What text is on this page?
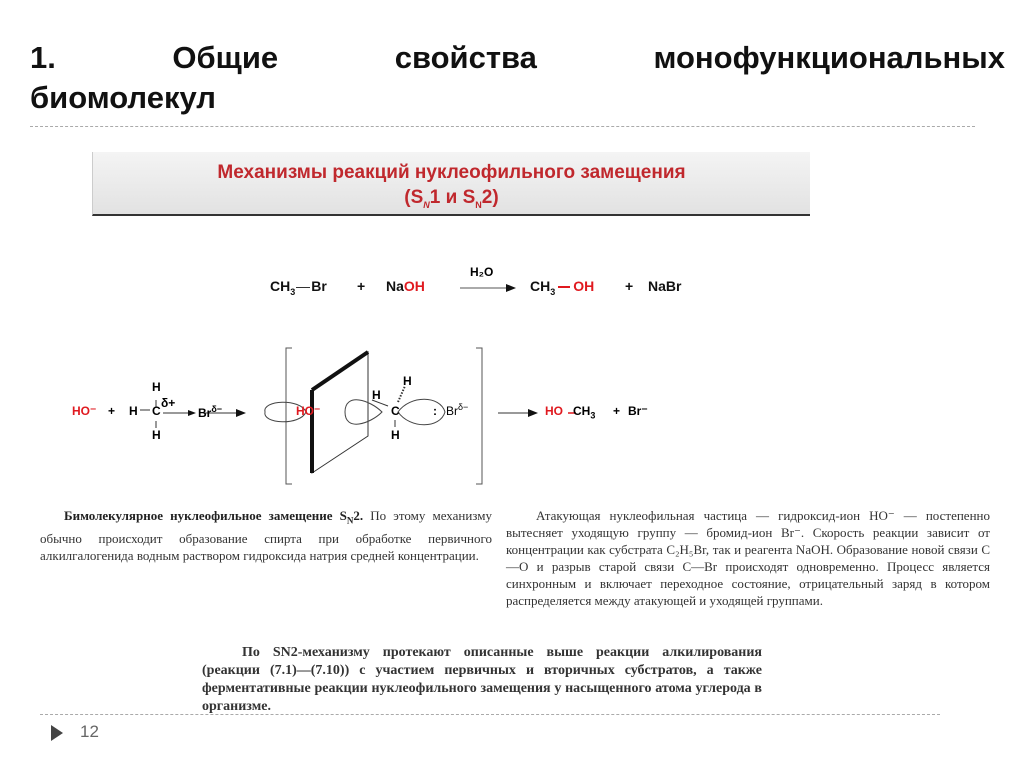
1.	Общие	свойства	монофункциональных
биомолекул
Механизмы реакций нуклеофильного замещения
($S_N1$ и $S_N2$)
$CH_3$ Br + NaOH
H₂O
→ $CH_3$ OH + NaBr
HO⁻ +
H
H C
δ+
H
$Br^{\delta-}$	HO⁻
H
H
C
H
: $Br^{\delta-}$	HO $CH_3 + Br^-$
Бимолекулярное нуклеофильное замещение $S_N2$. По этому механизму обычно происходит образование спирта при обработке первичного алкилгалогенида водным раствором гидроксида натрия средней концентрации.
Атакующая нуклеофильная частица — гидроксид-ион HO⁻ — постепенно вытесняет уходящую группу — бромид-ион Br⁻. Скорость реакции зависит от концентрации как субстрата C₂H₅Br, так и реагента NaOH. Образование новой связи C—O и разрыв старой связи C—Br происходят одновременно. Процесс является синхронным и включает переходное состояние, отрицательный заряд в котором распределяется между атакующей и уходящей группами.
По SN2-механизму протекают описанные выше реакции алкилирования (реакции (7.1)—(7.10)) с участием первичных и вторичных субстратов, а также ферментативные реакции нуклеофильного замещения у насыщенного атома углерода в организме.
12
